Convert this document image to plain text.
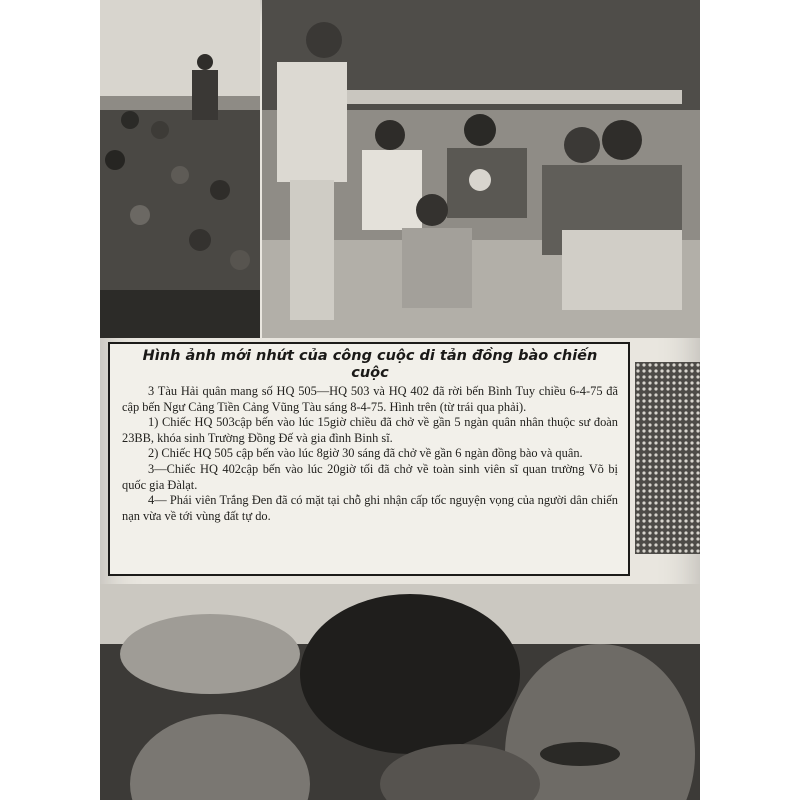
Hình ảnh mới nhứt của công cuộc di tản đồng bào chiến cuộc

3 Tàu Hải quân mang số HQ 505—HQ 503 và HQ 402 đã rời bến Bình Tuy chiều 6-4-75 đã cập bến Ngư Cảng Tiền Cảng Vũng Tàu sáng 8-4-75. Hình trên (từ trái qua phải).

1) Chiếc HQ 503cập bến vào lúc 15giờ chiều đã chở về gần 5 ngàn quân nhân thuộc sư đoàn 23BB, khóa sinh Trường Đồng Đế và gia đình Binh sĩ.

2) Chiếc HQ 505 cập bến vào lúc 8giờ 30 sáng đã chở về gần 6 ngàn đồng bào và quân.

3—Chiếc HQ 402cập bến vào lúc 20giờ tối đã chở về toàn sinh viên sĩ quan trường Võ bị quốc gia Đàlạt.

4— Phái viên Trắng Đen đã có mặt tại chỗ ghi nhận cấp tốc nguyện vọng của người dân chiến nạn vừa về tới vùng đất tự do.
